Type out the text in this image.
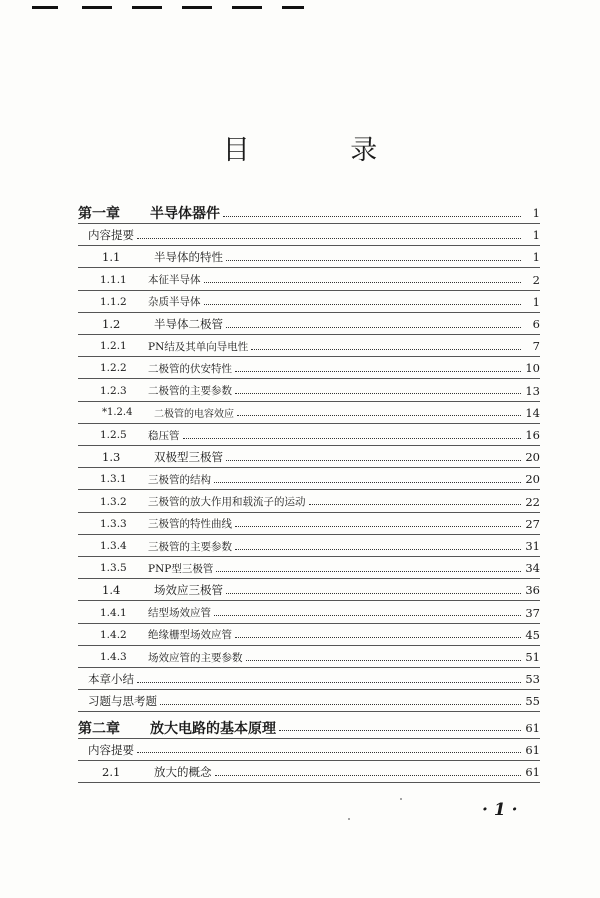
目 录
第一章	半导体器件	1
内容提要	1
1.1	半导体的特性	1
1.1.1	本征半导体	2
1.1.2	杂质半导体	1
1.2	半导体二极管	6
1.2.1	PN结及其单向导电性	7
1.2.2	二极管的伏安特性	10
1.2.3	二极管的主要参数	13
*1.2.4	二极管的电容效应	14
1.2.5	稳压管	16
1.3	双极型三极管	20
1.3.1	三极管的结构	20
1.3.2	三极管的放大作用和载流子的运动	22
1.3.3	三极管的特性曲线	27
1.3.4	三极管的主要参数	31
1.3.5	PNP型三极管	34
1.4	场效应三极管	36
1.4.1	结型场效应管	37
1.4.2	绝缘栅型场效应管	45
1.4.3	场效应管的主要参数	51
本章小结	53
习题与思考题	55
第二章	放大电路的基本原理	61
内容提要	61
2.1	放大的概念	61
· 1 ·
